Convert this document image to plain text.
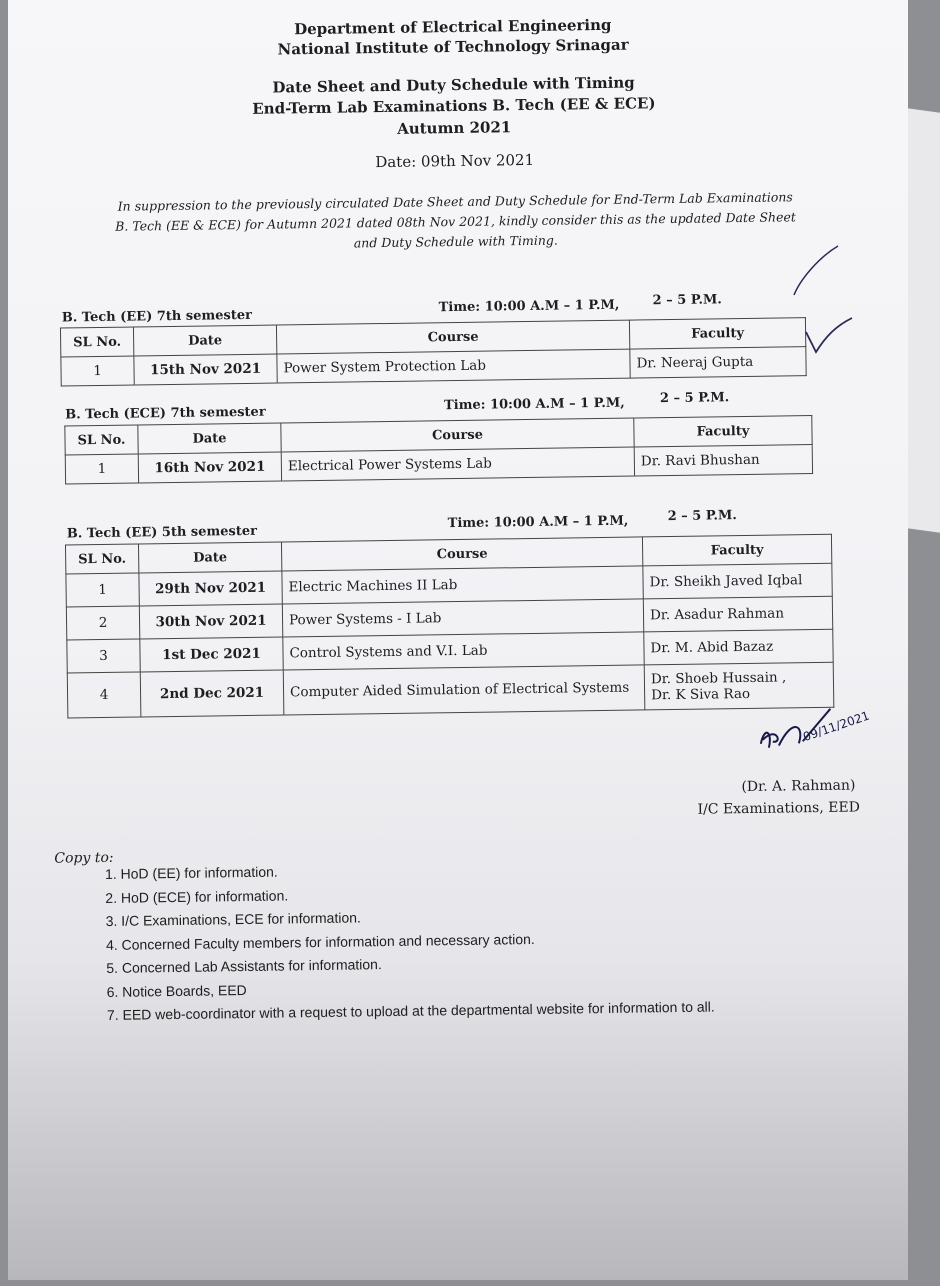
Department of Electrical Engineering
National Institute of Technology Srinagar
Date Sheet and Duty Schedule with Timing
End-Term Lab Examinations B. Tech (EE & ECE)
Autumn 2021
Date: 09th Nov 2021
In suppression to the previously circulated Date Sheet and Duty Schedule for End-Term Lab Examinations
B. Tech (EE & ECE) for Autumn 2021 dated 08th Nov 2021, kindly consider this as the updated Date Sheet
and Duty Schedule with Timing.
B. Tech (EE) 7th semester
Time: 10:00 A.M – 1 P.M,	2 – 5 P.M.
SL No.	Date	Course	Faculty
1	15th Nov 2021	Power System Protection Lab	Dr. Neeraj Gupta
B. Tech (ECE) 7th semester
Time: 10:00 A.M – 1 P.M,	2 – 5 P.M.
SL No.	Date	Course	Faculty
1	16th Nov 2021	Electrical Power Systems Lab	Dr. Ravi Bhushan
B. Tech (EE) 5th semester
Time: 10:00 A.M – 1 P.M,	2 – 5 P.M.
SL No.	Date	Course	Faculty
1	29th Nov 2021	Electric Machines II Lab	Dr. Sheikh Javed Iqbal
2	30th Nov 2021	Power Systems - I Lab	Dr. Asadur Rahman
3	1st Dec 2021	Control Systems and V.I. Lab	Dr. M. Abid Bazaz
4	2nd Dec 2021	Computer Aided Simulation of Electrical Systems	Dr. Shoeb Hussain ,
Dr. K Siva Rao
09/11/2021
(Dr. A. Rahman)
I/C Examinations, EED
Copy to:
1. HoD (EE) for information.
2. HoD (ECE) for information.
3. I/C Examinations, ECE for information.
4. Concerned Faculty members for information and necessary action.
5. Concerned Lab Assistants for information.
6. Notice Boards, EED
7. EED web-coordinator with a request to upload at the departmental website for information to all.
